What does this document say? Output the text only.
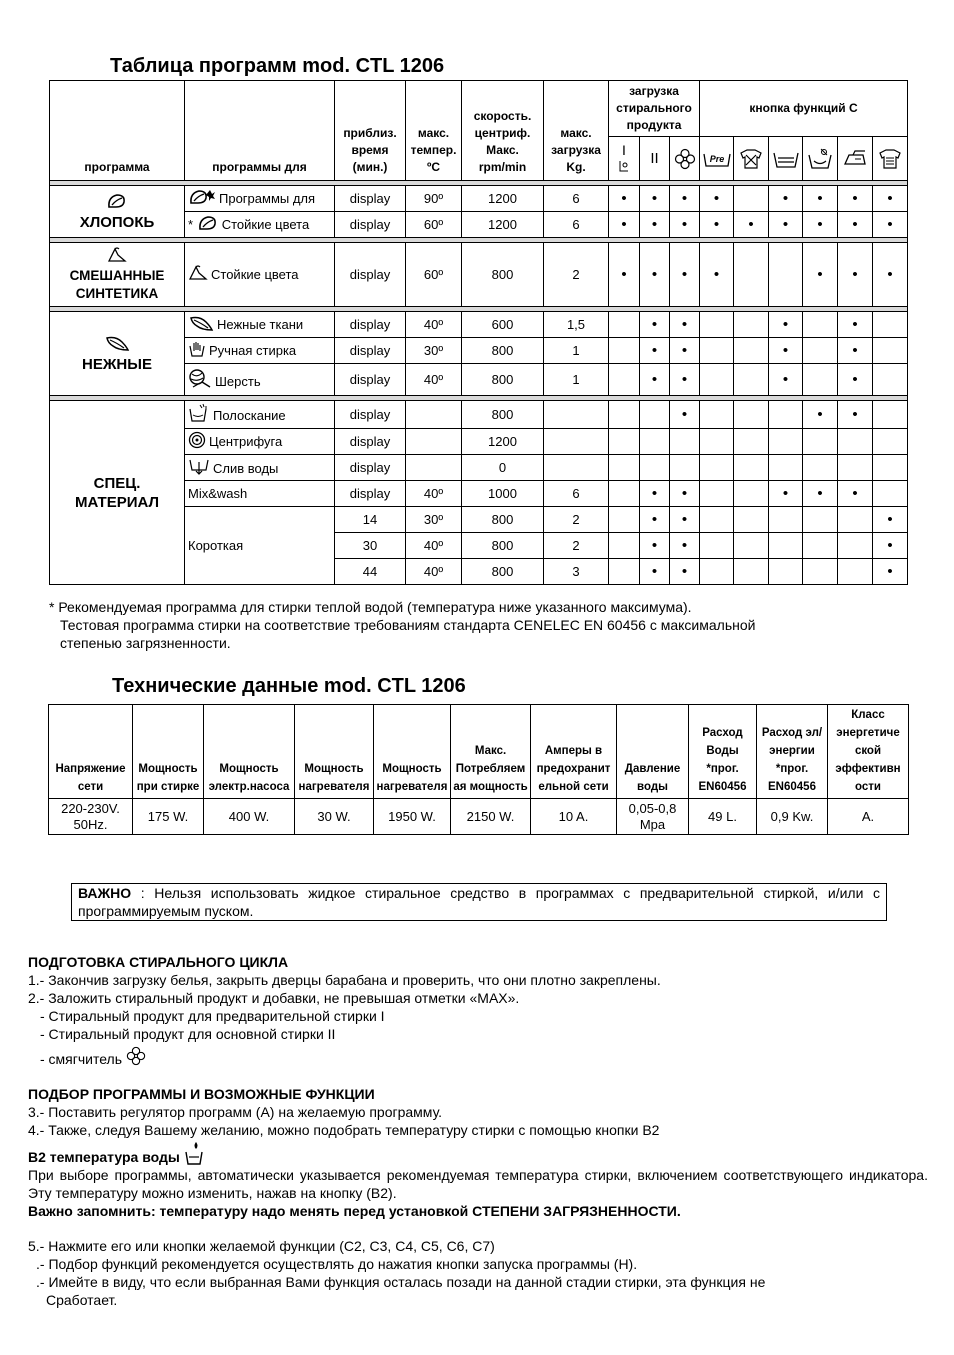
Таблица программ mod. CTL 1206
программа	программы для	приблиз. время (мин.)	макс. темпер. ºC	скорость. центриф. Макс. rpm/min	макс. загрузка Kg.	загрузка стирального продукта			кнопка функций С					

						I	II		Pre

ХЛОПОКЬ	Программы для	display	90º	1200	6	•	•	•	•		•	•	•	•
	* Стойкие цвета	display	60º	1200	6	•	•	•	•	•	•	•	•	•

СМЕШАННЫЕ СИНТЕТИКА	Стойкие цвета	display	60º	800	2	•	•	•	•			•	•	•

НЕЖНЫЕ	Нежные ткани	display	40º	600	1,5		•	•			•		•	
	Ручная стирка	display	30º	800	1		•	•			•		•	
	Шерсть	display	40º	800	1		•	•			•		•	

СПЕЦ. МАТЕРИАЛ	Полоскание	display		800				•				•	•	
	Центрифуга	display		1200										
	Слив воды	display		0										
	Mix&wash	display	40º	1000	6		•	•			•	•	•	
	Короткая	14	30º	800	2		•	•						•
		30	40º	800	2		•	•						•
		44	40º	800	3		•	•						•
* Рекомендуемая программа для стирки теплой водой (температура ниже указанного максимума).
Тестовая программа стирки на соответствие требованиям стандарта CENELEC EN 60456 с максимальной
степенью загрязненности.
Технические данные mod. CTL 1206
Напряжение сети	Мощность при стирке	Мощность электр.насоса	Мощность нагревателя	Мощность нагревателя	Макс. Потребляем ая мощность	Амперы в предохранит ельной сети	Давление воды	Расход Воды *прог. EN60456	Расход эл/энергии *прог. EN60456	Класс энергетиче ской эффективн ости
220-230V. 50Hz.	175 W.	400 W.	30 W.	1950 W.	2150 W.	10 A.	0,05-0,8 Mpa	49 L.	0,9 Kw.	A.
ВАЖНО : Нельзя использовать жидкое стиральное средство в программах с предварительной стиркой, и/или с программируемым пуском.
ПОДГОТОВКА СТИРАЛЬНОГО ЦИКЛА
1.- Закончив загрузку белья, закрыть дверцы барабана и проверить, что они плотно закреплены.
2.- Заложить стиральный продукт и добавки, не превышая отметки «MAX».
- Стиральный продукт для предварительной стирки I
- Стиральный продукт для основной стирки II
- смягчитель
ПОДБОР ПРОГРАММЫ И ВОЗМОЖНЫЕ ФУНКЦИИ
3.- Поставить регулятор программ (A) на желаемую программу.
4.- Также, следуя Вашему желанию, можно подобрать температуру стирки с помощью кнопки B2
B2 температура воды
При выборе программы, автоматически указывается рекомендуемая температура стирки, включением соответствующего индикатора. Эту температуру можно изменить, нажав на кнопку (B2).
Важно запомнить: температуру надо менять перед установкой СТЕПЕНИ ЗАГРЯЗНЕННОСТИ.
5.- Нажмите его или кнопки желаемой функции (C2, C3, C4, C5, C6, C7)
.- Подбор функций рекомендуется осуществлять до нажатия кнопки запуска программы (H).
.- Имейте в виду, что если выбранная Вами функция осталась позади на данной стадии стирки, эта функция не
Сработает.
